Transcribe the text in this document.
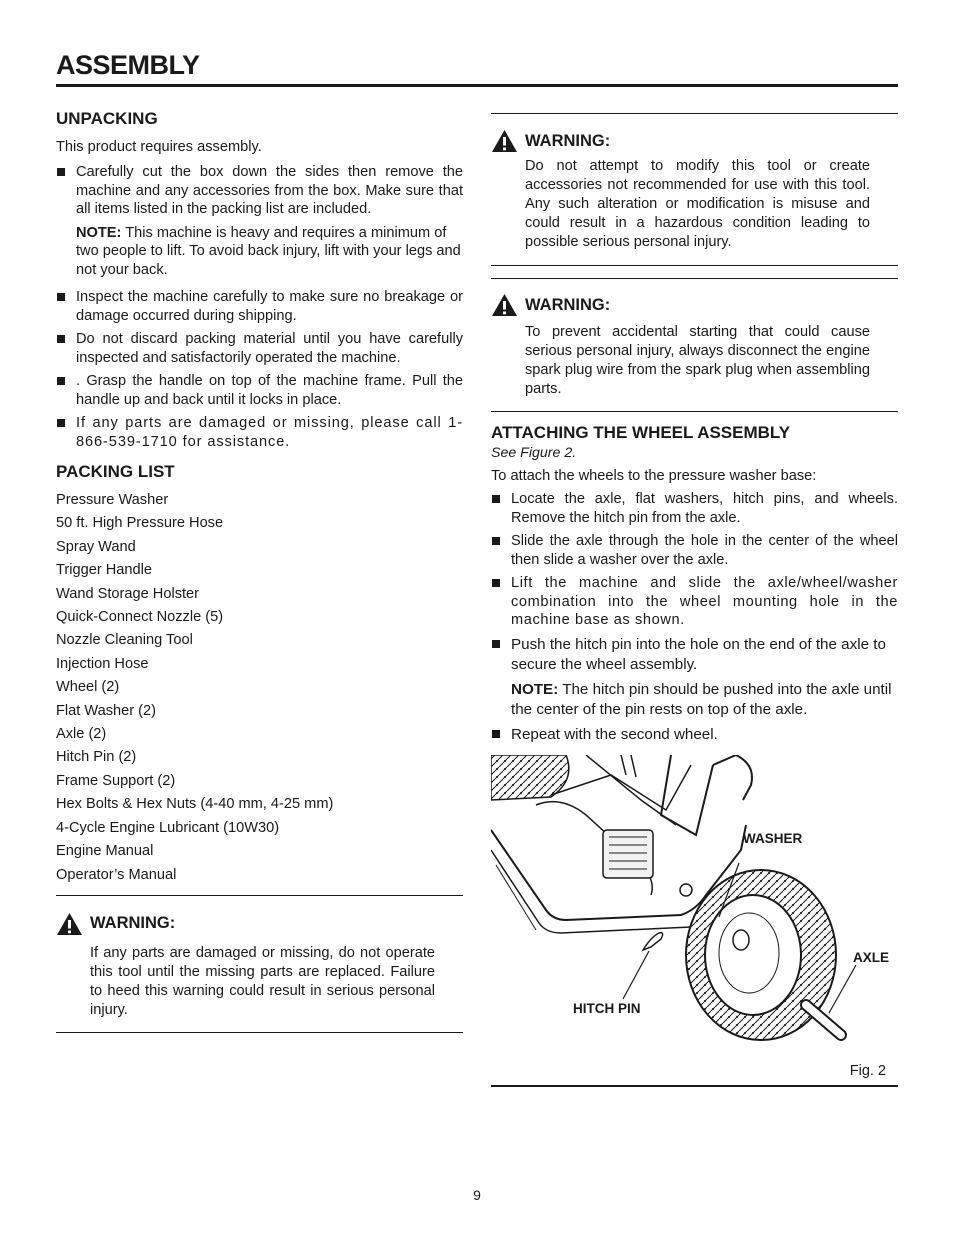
ASSEMBLY
UNPACKING
This product requires assembly.
Carefully cut the box down the sides then remove the machine and any accessories from the box. Make sure that all items listed in the packing list are included.
NOTE: This machine is heavy and requires a minimum of two people to lift. To avoid back injury, lift with your legs and not your back.
Inspect the machine carefully to make sure no breakage or damage occurred during shipping.
Do not discard packing material until you have carefully inspected and satisfactorily operated the machine.
. Grasp the handle on top of the machine frame. Pull the handle up and back until it locks in place.
If any parts are damaged or missing, please call 1-866-539-1710 for assistance.
PACKING LIST
Pressure Washer
50 ft. High Pressure Hose
Spray Wand
Trigger Handle
Wand Storage Holster
Quick-Connect Nozzle (5)
Nozzle Cleaning Tool
Injection Hose
Wheel (2)
Flat Washer (2)
Axle (2)
Hitch Pin (2)
Frame Support (2)
Hex Bolts & Hex Nuts (4-40 mm, 4-25 mm)
4-Cycle Engine Lubricant (10W30)
Engine Manual
Operator’s Manual
WARNING:
If any parts are damaged or missing, do not operate this tool until the missing parts are replaced. Failure to heed this warning could result in serious personal injury.
WARNING:
Do not attempt to modify this tool or create accessories not recommended for use with this tool. Any such alteration or modification is misuse and could result in a hazardous condition leading to possible serious personal injury.
WARNING:
To prevent accidental starting that could cause serious personal injury, always disconnect the engine spark plug wire from the spark plug when assembling parts.
ATTACHING THE WHEEL ASSEMBLY
See Figure 2.
To attach the wheels to the pressure washer base:
Locate the axle, flat washers, hitch pins, and wheels. Remove the hitch pin from the axle.
Slide the axle through the hole in the center of the wheel then slide a washer over the axle.
Lift the machine and slide the axle/wheel/washer combination into the wheel mounting hole in the machine base as shown.
Push the hitch pin into the hole on the end of the axle to secure the wheel assembly.
NOTE: The hitch pin should be pushed into the axle until the center of the pin rests on top of the axle.
Repeat with the second wheel.
WASHER
AXLE
HITCH PIN
Fig. 2
9
